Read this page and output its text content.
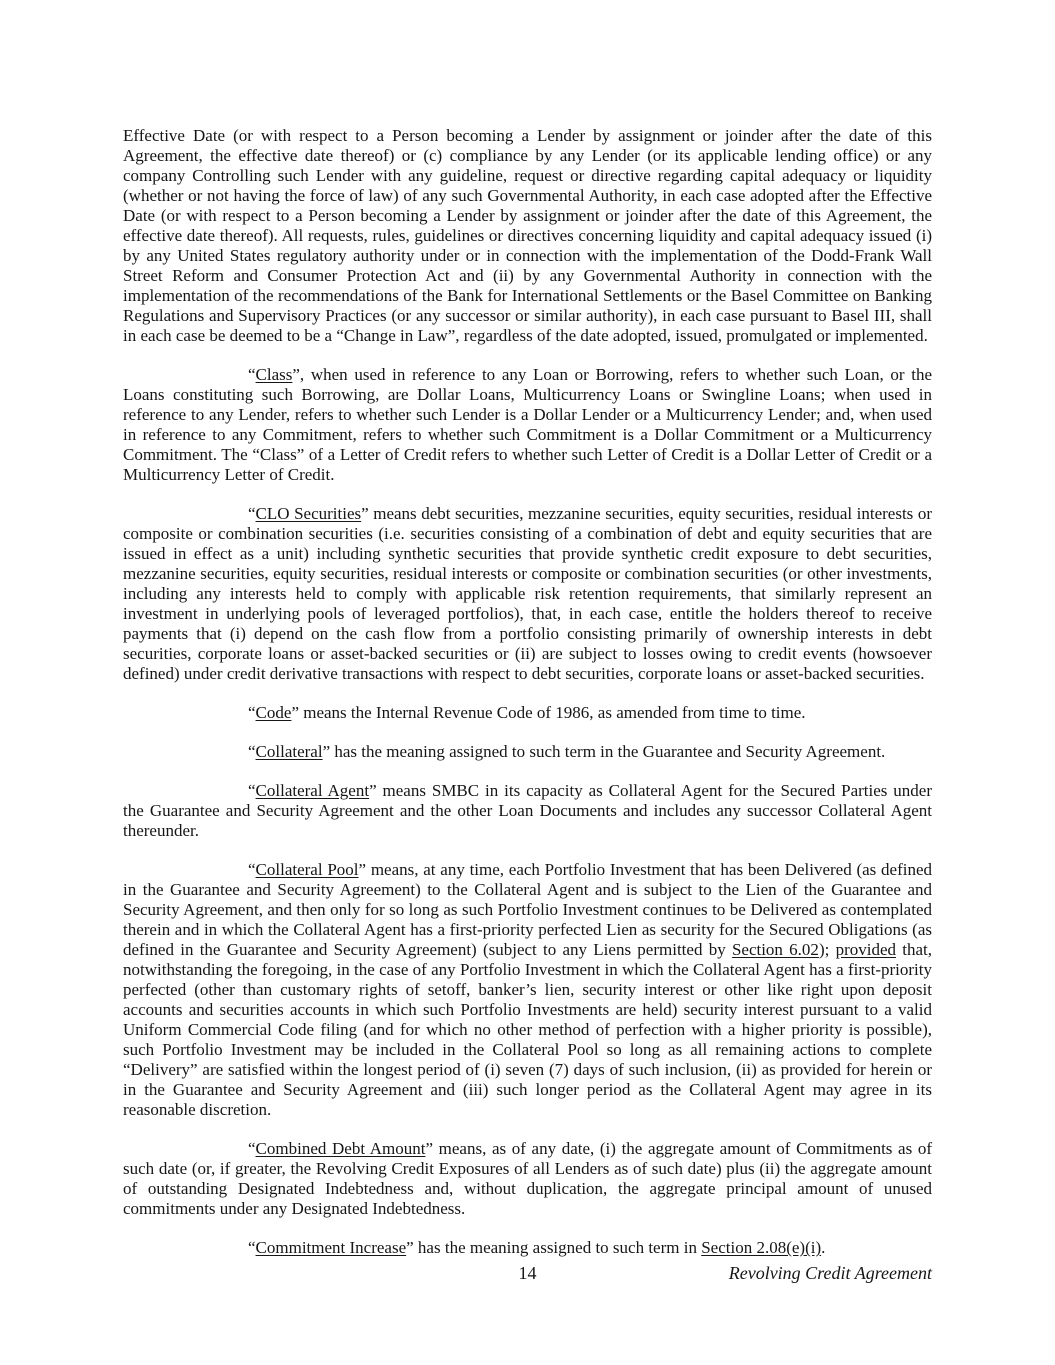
Effective Date (or with respect to a Person becoming a Lender by assignment or joinder after the date of this Agreement, the effective date thereof) or (c) compliance by any Lender (or its applicable lending office) or any company Controlling such Lender with any guideline, request or directive regarding capital adequacy or liquidity (whether or not having the force of law) of any such Governmental Authority, in each case adopted after the Effective Date (or with respect to a Person becoming a Lender by assignment or joinder after the date of this Agreement, the effective date thereof). All requests, rules, guidelines or directives concerning liquidity and capital adequacy issued (i) by any United States regulatory authority under or in connection with the implementation of the Dodd-Frank Wall Street Reform and Consumer Protection Act and (ii) by any Governmental Authority in connection with the implementation of the recommendations of the Bank for International Settlements or the Basel Committee on Banking Regulations and Supervisory Practices (or any successor or similar authority), in each case pursuant to Basel III, shall in each case be deemed to be a “Change in Law”, regardless of the date adopted, issued, promulgated or implemented.

“Class”, when used in reference to any Loan or Borrowing, refers to whether such Loan, or the Loans constituting such Borrowing, are Dollar Loans, Multicurrency Loans or Swingline Loans; when used in reference to any Lender, refers to whether such Lender is a Dollar Lender or a Multicurrency Lender; and, when used in reference to any Commitment, refers to whether such Commitment is a Dollar Commitment or a Multicurrency Commitment. The “Class” of a Letter of Credit refers to whether such Letter of Credit is a Dollar Letter of Credit or a Multicurrency Letter of Credit.

“CLO Securities” means debt securities, mezzanine securities, equity securities, residual interests or composite or combination securities (i.e. securities consisting of a combination of debt and equity securities that are issued in effect as a unit) including synthetic securities that provide synthetic credit exposure to debt securities, mezzanine securities, equity securities, residual interests or composite or combination securities (or other investments, including any interests held to comply with applicable risk retention requirements, that similarly represent an investment in underlying pools of leveraged portfolios), that, in each case, entitle the holders thereof to receive payments that (i) depend on the cash flow from a portfolio consisting primarily of ownership interests in debt securities, corporate loans or asset-backed securities or (ii) are subject to losses owing to credit events (howsoever defined) under credit derivative transactions with respect to debt securities, corporate loans or asset-backed securities.

“Code” means the Internal Revenue Code of 1986, as amended from time to time.

“Collateral” has the meaning assigned to such term in the Guarantee and Security Agreement.

“Collateral Agent” means SMBC in its capacity as Collateral Agent for the Secured Parties under the Guarantee and Security Agreement and the other Loan Documents and includes any successor Collateral Agent thereunder.

“Collateral Pool” means, at any time, each Portfolio Investment that has been Delivered (as defined in the Guarantee and Security Agreement) to the Collateral Agent and is subject to the Lien of the Guarantee and Security Agreement, and then only for so long as such Portfolio Investment continues to be Delivered as contemplated therein and in which the Collateral Agent has a first-priority perfected Lien as security for the Secured Obligations (as defined in the Guarantee and Security Agreement) (subject to any Liens permitted by Section 6.02); provided that, notwithstanding the foregoing, in the case of any Portfolio Investment in which the Collateral Agent has a first-priority perfected (other than customary rights of setoff, banker’s lien, security interest or other like right upon deposit accounts and securities accounts in which such Portfolio Investments are held) security interest pursuant to a valid Uniform Commercial Code filing (and for which no other method of perfection with a higher priority is possible), such Portfolio Investment may be included in the Collateral Pool so long as all remaining actions to complete “Delivery” are satisfied within the longest period of (i) seven (7) days of such inclusion, (ii) as provided for herein or in the Guarantee and Security Agreement and (iii) such longer period as the Collateral Agent may agree in its reasonable discretion.

“Combined Debt Amount” means, as of any date, (i) the aggregate amount of Commitments as of such date (or, if greater, the Revolving Credit Exposures of all Lenders as of such date) plus (ii) the aggregate amount of outstanding Designated Indebtedness and, without duplication, the aggregate principal amount of unused commitments under any Designated Indebtedness.

“Commitment Increase” has the meaning assigned to such term in Section 2.08(e)(i).

14	Revolving Credit Agreement
